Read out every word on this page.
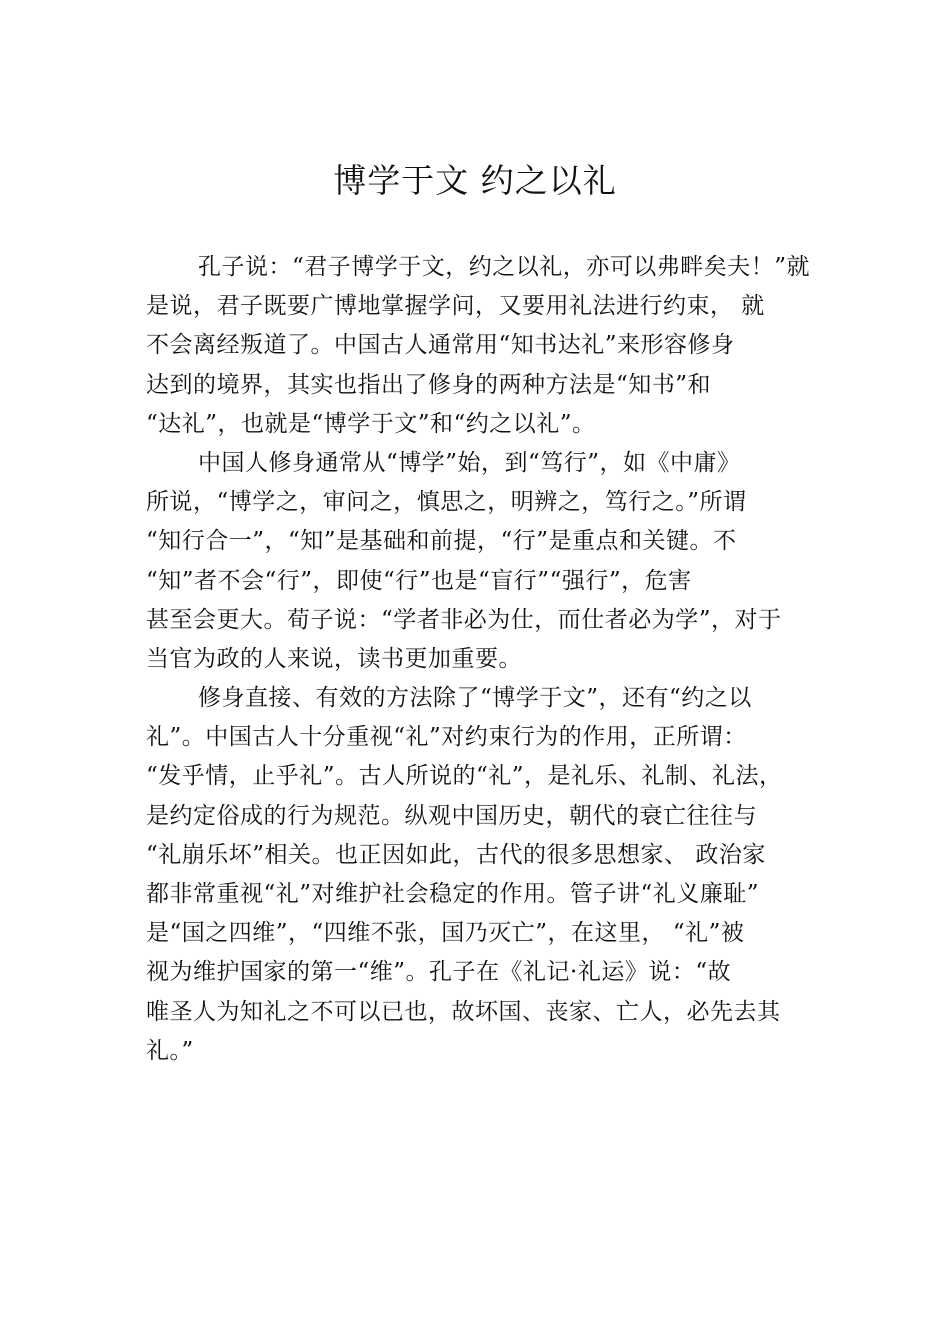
博学于文 约之以礼
孔子说：“君子博学于文，约之以礼，亦可以弗畔矣夫！”就
是说，君子既要广博地掌握学问，又要用礼法进行约束， 就
不会离经叛道了。中国古人通常用“知书达礼”来形容修身
达到的境界，其实也指出了修身的两种方法是“知书”和
“达礼”，也就是“博学于文”和“约之以礼”。
中国人修身通常从“博学”始，到“笃行”，如《中庸》
所说，“博学之，审问之，慎思之，明辨之，笃行之。”所谓
“知行合一”，“知”是基础和前提，“行”是重点和关键。不
“知”者不会“行”，即使“行”也是“盲行”“强行”，危害
甚至会更大。荀子说：“学者非必为仕，而仕者必为学”，对于
当官为政的人来说，读书更加重要。
修身直接、有效的方法除了“博学于文”，还有“约之以
礼”。中国古人十分重视“礼”对约束行为的作用，正所谓：
“发乎情，止乎礼”。古人所说的“礼”，是礼乐、礼制、礼法，
是约定俗成的行为规范。纵观中国历史，朝代的衰亡往往与
“礼崩乐坏”相关。也正因如此，古代的很多思想家、 政治家
都非常重视“礼”对维护社会稳定的作用。管子讲“礼义廉耻”
是“国之四维”，“四维不张，国乃灭亡”，在这里， “礼”被
视为维护国家的第一“维”。孔子在《礼记·礼运》说：“故
唯圣人为知礼之不可以已也，故坏国、丧家、亡人，必先去其
礼。”
